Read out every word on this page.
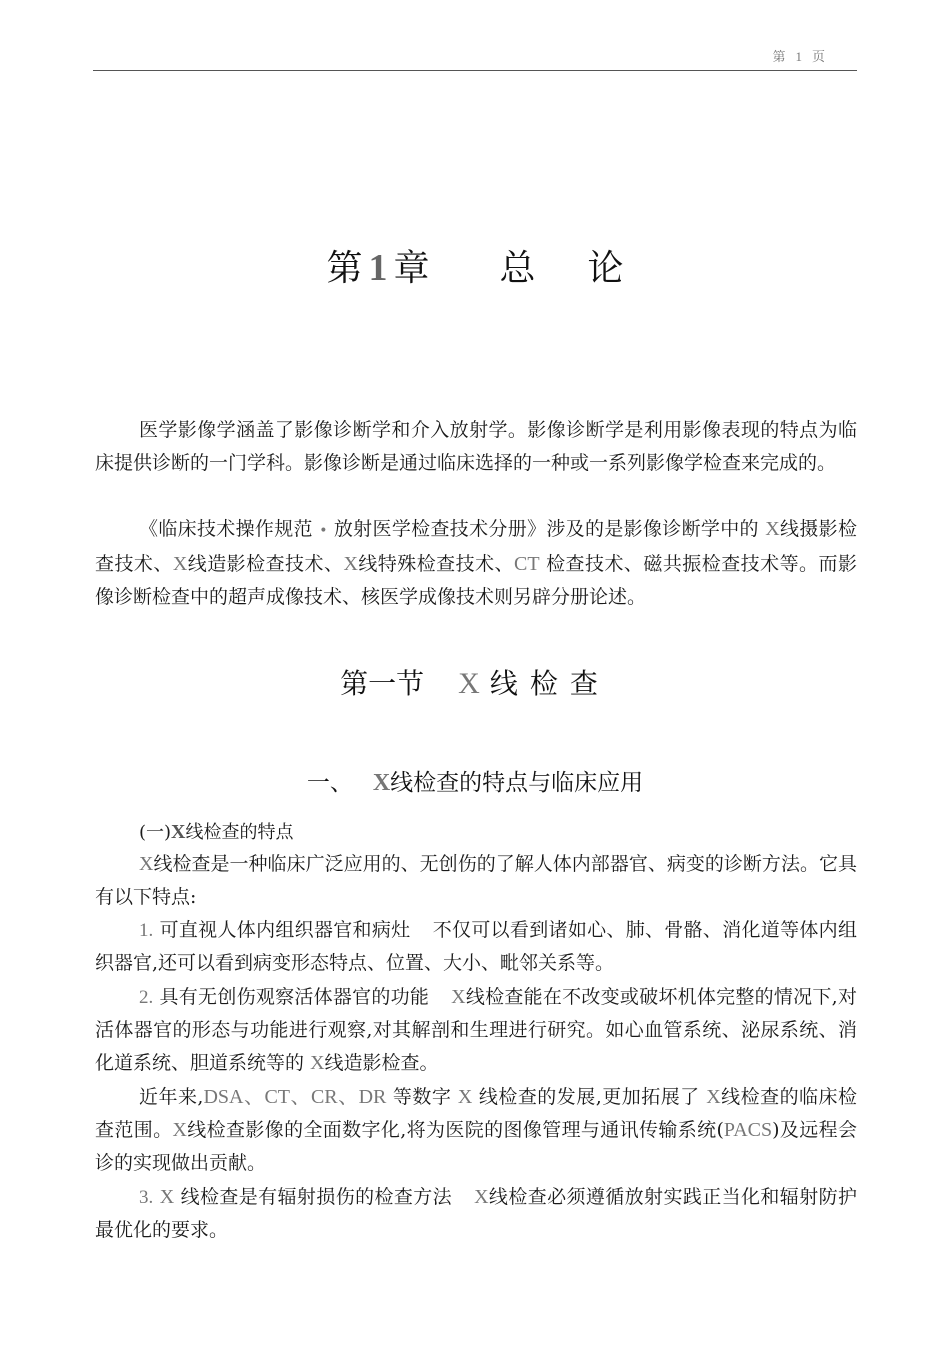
第 1 页
第 1 章 总 论
医学影像学涵盖了影像诊断学和介入放射学。影像诊断学是利用影像表现的特点为临床提供诊断的一门学科。影像诊断是通过临床选择的一种或一系列影像学检查来完成的。
《临床技术操作规范 • 放射医学检查技术分册》涉及的是影像诊断学中的 X线摄影检查技术、X线造影检查技术、X线特殊检查技术、CT 检查技术、磁共振检查技术等。而影像诊断检查中的超声成像技术、核医学成像技术则另辟分册论述。
第一节 X 线检查
一、 X线检查的特点与临床应用
(一)X线检查的特点
X线检查是一种临床广泛应用的、无创伤的了解人体内部器官、病变的诊断方法。它具有以下特点:
1. 可直视人体内组织器官和病灶 不仅可以看到诸如心、肺、骨骼、消化道等体内组织器官,还可以看到病变形态特点、位置、大小、毗邻关系等。
2. 具有无创伤观察活体器官的功能 X线检查能在不改变或破坏机体完整的情况下,对活体器官的形态与功能进行观察,对其解剖和生理进行研究。如心血管系统、泌尿系统、消化道系统、胆道系统等的 X线造影检查。
近年来,DSA、CT、CR、DR 等数字 X 线检查的发展,更加拓展了 X线检查的临床检查范围。X线检查影像的全面数字化,将为医院的图像管理与通讯传输系统(PACS)及远程会诊的实现做出贡献。
3. X 线检查是有辐射损伤的检查方法 X线检查必须遵循放射实践正当化和辐射防护最优化的要求。
